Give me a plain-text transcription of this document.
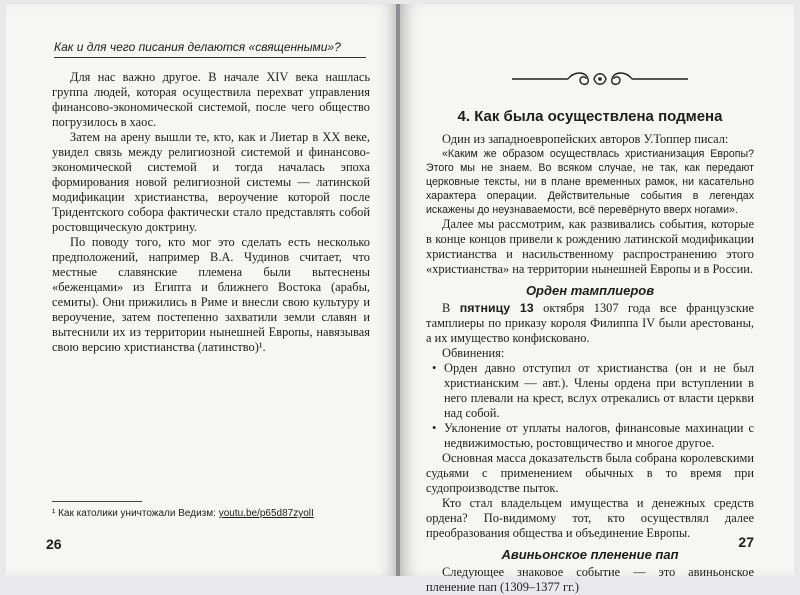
Как и для чего писания делаются «священными»?

Для нас важно другое. В начале XIV века нашлась группа людей, которая осуществила перехват управления финансово-экономической системой, после чего общество погрузилось в хаос.

Затем на арену вышли те, кто, как и Лиетар в XX веке, увидел связь между религиозной системой и финансово-экономической системой и тогда началась эпоха формирования новой религиозной системы — латинской модификации христианства, вероучение которой после Тридентского собора фактически стало представлять собой ростовщическую доктрину.

По поводу того, кто мог это сделать есть несколько предположений, например В.А. Чудинов считает, что местные славянские племена были вытеснены «беженцами» из Египта и ближнего Востока (арабы, семиты). Они прижились в Риме и внесли свою культуру и вероучение, затем постепенно захватили земли славян и вытеснили их из территории нынешней Европы, навязывая свою версию христианства (латинство)¹.

¹ Как католики уничтожали Ведизм: youtu.be/p65d87zyolI
26
4. Как была осуществлена подмена

Один из западноевропейских авторов У.Топпер писал:

«Каким же образом осуществлась христианизация Европы? Этого мы не знаем. Во всяком случае, не так, как передают церковные тексты, ни в плане временных рамок, ни касательно характера операции. Действительные события в легендах искажены до неузнаваемости, всё перевёрнуто вверх ногами».

Далее мы рассмотрим, как развивались события, которые в конце концов привели к рождению латинской модификации христианства и насильственному распространению этого «христианства» на территории нынешней Европы и в России.

Орден тамплиеров

В пятницу 13 октября 1307 года все французские тамплиеры по приказу короля Филиппа IV были арестованы, а их имущество конфисковано.

Обвинения:

• Орден давно отступил от христианства (он и не был христианским — авт.). Члены ордена при вступлении в него плевали на крест, вслух отрекались от власти церкви над собой.
• Уклонение от уплаты налогов, финансовые махинации с недвижимостью, ростовщичество и многое другое.

Основная масса доказательств была собрана королевскими судьями с применением обычных в то время при судопроизводстве пыток.

Кто стал владельцем имущества и денежных средств ордена? По-видимому тот, кто осуществлял далее преобразования общества и объединение Европы.

Авиньонское пленение пап

Следующее знаковое событие — это авиньонское пленение пап (1309–1377 гг.)

27
